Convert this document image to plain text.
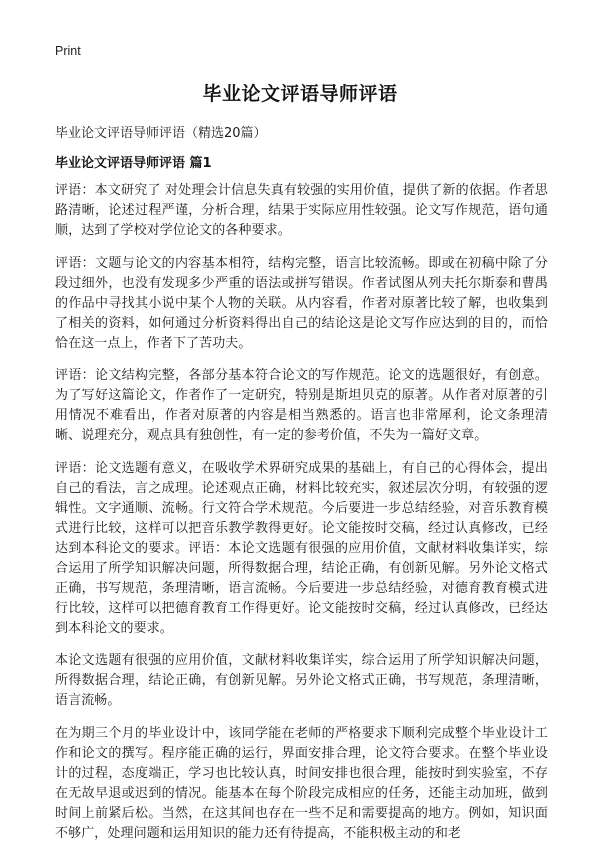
Print
毕业论文评语导师评语

毕业论文评语导师评语（精选20篇）

毕业论文评语导师评语 篇1

评语：本文研究了 对处理会计信息失真有较强的实用价值，提供了新的依据。作者思路清晰，论述过程严谨，分析合理，结果于实际应用性较强。论文写作规范，语句通顺，达到了学校对学位论文的各种要求。

评语：文题与论文的内容基本相符，结构完整，语言比较流畅。即或在初稿中除了分段过细外，也没有发现多少严重的语法或拼写错误。作者试图从列夫托尔斯泰和曹禺的作品中寻找其小说中某个人物的关联。从内容看，作者对原著比较了解，也收集到了相关的资料，如何通过分析资料得出自己的结论这是论文写作应达到的目的，而恰恰在这一点上，作者下了苦功夫。

评语：论文结构完整，各部分基本符合论文的写作规范。论文的选题很好，有创意。为了写好这篇论文，作者作了一定研究，特别是斯坦贝克的原著。从作者对原著的引用情况不难看出，作者对原著的内容是相当熟悉的。语言也非常犀利，论文条理清晰、说理充分，观点具有独创性，有一定的参考价值，不失为一篇好文章。

评语：论文选题有意义，在吸收学术界研究成果的基础上，有自己的心得体会，提出自己的看法，言之成理。论述观点正确，材料比较充实，叙述层次分明，有较强的逻辑性。文字通顺、流畅。行文符合学术规范。今后要进一步总结经验，对音乐教育模式进行比较，这样可以把音乐教学教得更好。论文能按时交稿，经过认真修改，已经达到本科论文的要求。评语：本论文选题有很强的应用价值，文献材料收集详实，综合运用了所学知识解决问题，所得数据合理，结论正确，有创新见解。另外论文格式正确，书写规范，条理清晰，语言流畅。今后要进一步总结经验，对德育教育模式进行比较，这样可以把德育教育工作得更好。论文能按时交稿，经过认真修改，已经达到本科论文的要求。

本论文选题有很强的应用价值，文献材料收集详实，综合运用了所学知识解决问题，所得数据合理，结论正确，有创新见解。另外论文格式正确，书写规范，条理清晰，语言流畅。

在为期三个月的毕业设计中，该同学能在老师的严格要求下顺利完成整个毕业设计工作和论文的撰写。程序能正确的运行，界面安排合理，论文符合要求。在整个毕业设计的过程，态度端正，学习也比较认真，时间安排也很合理，能按时到实验室，不存在无故早退或迟到的情况。能基本在每个阶段完成相应的任务，还能主动加班，做到时间上前紧后松。当然，在这其间也存在一些不足和需要提高的地方。例如，知识面不够广，处理问题和运用知识的能力还有待提高，不能积极主动的和老
